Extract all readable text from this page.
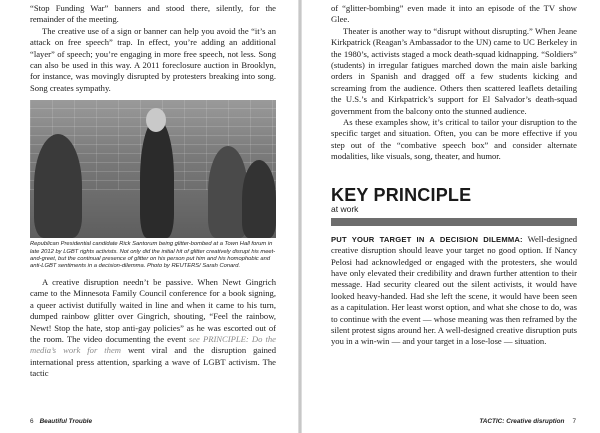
“Stop Funding War” banners and stood there, silently, for the remainder of the meeting.

The creative use of a sign or banner can help you avoid the “it’s an attack on free speech” trap. In effect, you’re adding an additional “layer” of speech; you’re engaging in more free speech, not less. Song can also be used in this way. A 2011 foreclosure auction in Brooklyn, for instance, was movingly disrupted by protesters breaking into song. Song creates sympathy.

Republican Presidential candidate Rick Santorum being glitter-bombed at a Town Hall forum in late 2012 by LGBT rights activists. Not only did the initial hit of glitter creatively disrupt his meet-and-greet, but the continual presence of glitter on his person put him and his homophobic and anti-LGBT sentiments in a decision-dilemma. Photo by REUTERS/ Sarah Conard.

A creative disruption needn’t be passive. When Newt Gingrich came to the Minnesota Family Council conference for a book signing, a queer activist dutifully waited in line and when it came to his turn, dumped rainbow glitter over Gingrich, shouting, “Feel the rainbow, Newt! Stop the hate, stop anti-gay policies” as he was escorted out of the room. The video documenting the event see PRINCIPLE: Do the media’s work for them went viral and the disruption gained international press attention, sparking a wave of LGBT activism. The tactic

6 Beautiful Trouble

of “glitter-bombing” even made it into an episode of the TV show Glee.

Theater is another way to “disrupt without disrupting.” When Jeane Kirkpatrick (Reagan’s Ambassador to the UN) came to UC Berkeley in the 1980’s, activists staged a mock death-squad kidnapping. “Soldiers” (students) in irregular fatigues marched down the main aisle barking orders in Spanish and dragged off a few students kicking and screaming from the audience. Others then scattered leaflets detailing the U.S.’s and Kirkpatrick’s support for El Salvador’s death-squad government from the balcony onto the stunned audience.

As these examples show, it’s critical to tailor your disruption to the specific target and situation. Often, you can be more effective if you step out of the “combative speech box” and consider alternate modalities, like visuals, song, theater, and humor.

KEY PRINCIPLE
at work

PUT YOUR TARGET IN A DECISION DILEMMA: Well-designed creative disruption should leave your target no good option. If Nancy Pelosi had acknowledged or engaged with the protesters, she would have only elevated their credibility and drawn further attention to their message. Had security cleared out the silent activists, it would have looked heavy-handed. Had she left the scene, it would have been seen as a capitulation. Her least worst option, and what she chose to do, was to continue with the event — whose meaning was then reframed by the silent protest signs around her. A well-designed creative disruption puts you in a win-win — and your target in a lose-lose — situation.

TACTIC: Creative disruption 7
